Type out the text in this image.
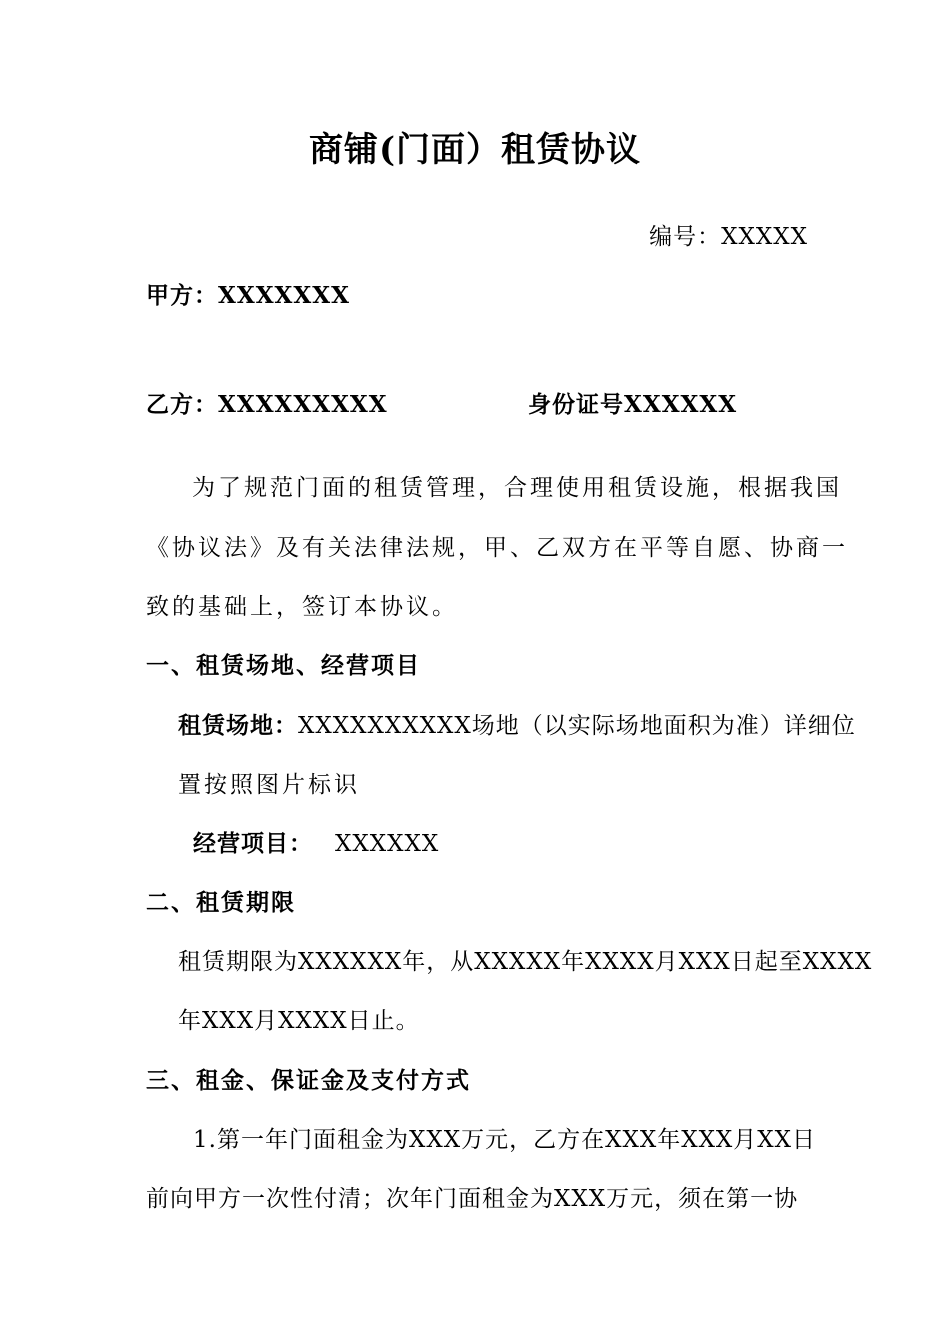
商铺(门面）租赁协议
编号：XXXXX
甲方：XXXXXXX
乙方：XXXXXXXXX	身份证号XXXXXX
为了规范门面的租赁管理，合理使用租赁设施，根据我国
《协议法》及有关法律法规，甲、乙双方在平等自愿、协商一
致的基础上，签订本协议。
一、租赁场地、经营项目
租赁场地：XXXXXXXXXX场地（以实际场地面积为准）详细位
置按照图片标识
经营项目： XXXXXX
二、租赁期限
租赁期限为XXXXXX年，从XXXXX年XXXX月XXX日起至XXXX
年XXX月XXXX日止。
三、租金、保证金及支付方式
1.第一年门面租金为XXX万元，乙方在XXX年XXX月XX日
前向甲方一次性付清；次年门面租金为XXX万元，须在第一协
